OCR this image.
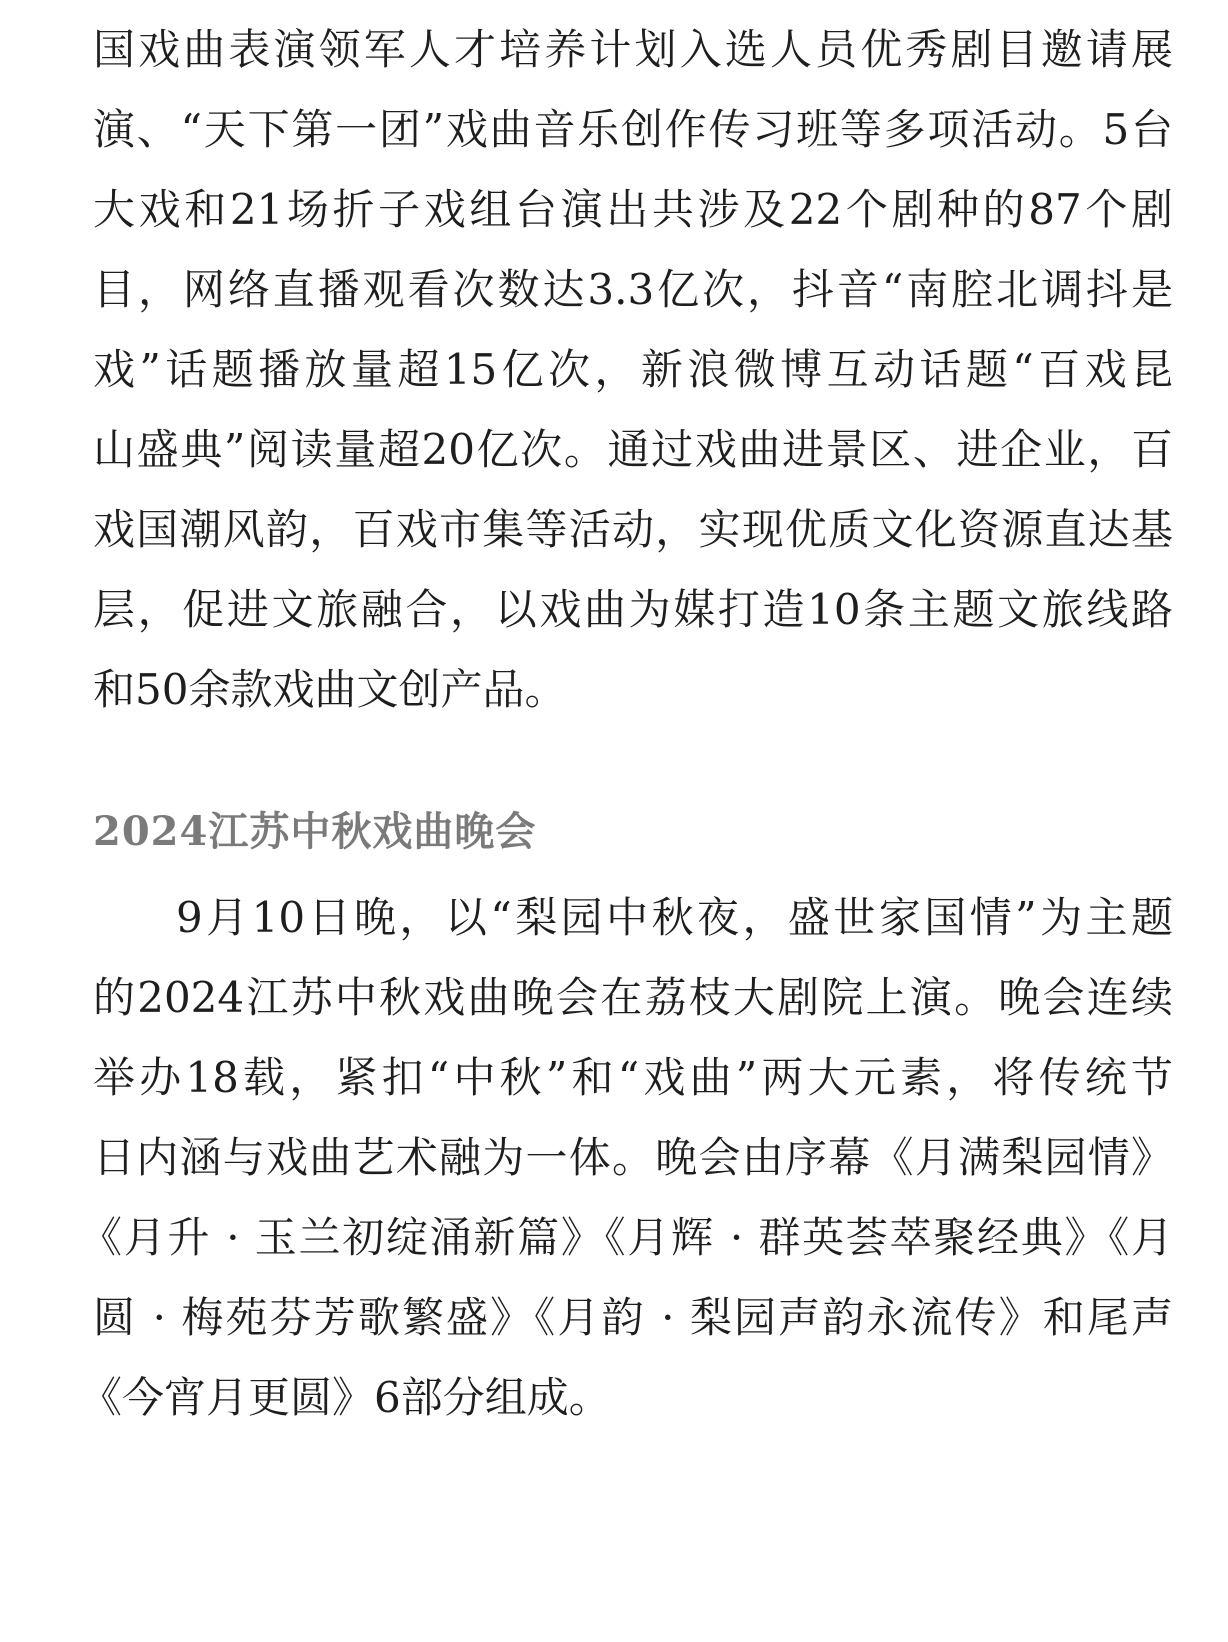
国戏曲表演领军人才培养计划入选人员优秀剧目邀请展
演、“天下第一团”戏曲音乐创作传习班等多项活动。5台
大戏和21场折子戏组台演出共涉及22个剧种的87个剧
目，网络直播观看次数达3.3亿次，抖音“南腔北调抖是
戏”话题播放量超15亿次，新浪微博互动话题“百戏昆
山盛典”阅读量超20亿次。通过戏曲进景区、进企业，百
戏国潮风韵，百戏市集等活动，实现优质文化资源直达基
层，促进文旅融合，以戏曲为媒打造10条主题文旅线路
和50余款戏曲文创产品。
2024江苏中秋戏曲晚会
9月10日晚，以“梨园中秋夜，盛世家国情”为主题
的2024江苏中秋戏曲晚会在荔枝大剧院上演。晚会连续
举办18载，紧扣“中秋”和“戏曲”两大元素，将传统节
日内涵与戏曲艺术融为一体。晚会由序幕《月满梨园情》
《月升 · 玉兰初绽涌新篇》《月辉 · 群英荟萃聚经典》《月
圆 · 梅苑芬芳歌繁盛》《月韵 · 梨园声韵永流传》和尾声
《今宵月更圆》6部分组成。
